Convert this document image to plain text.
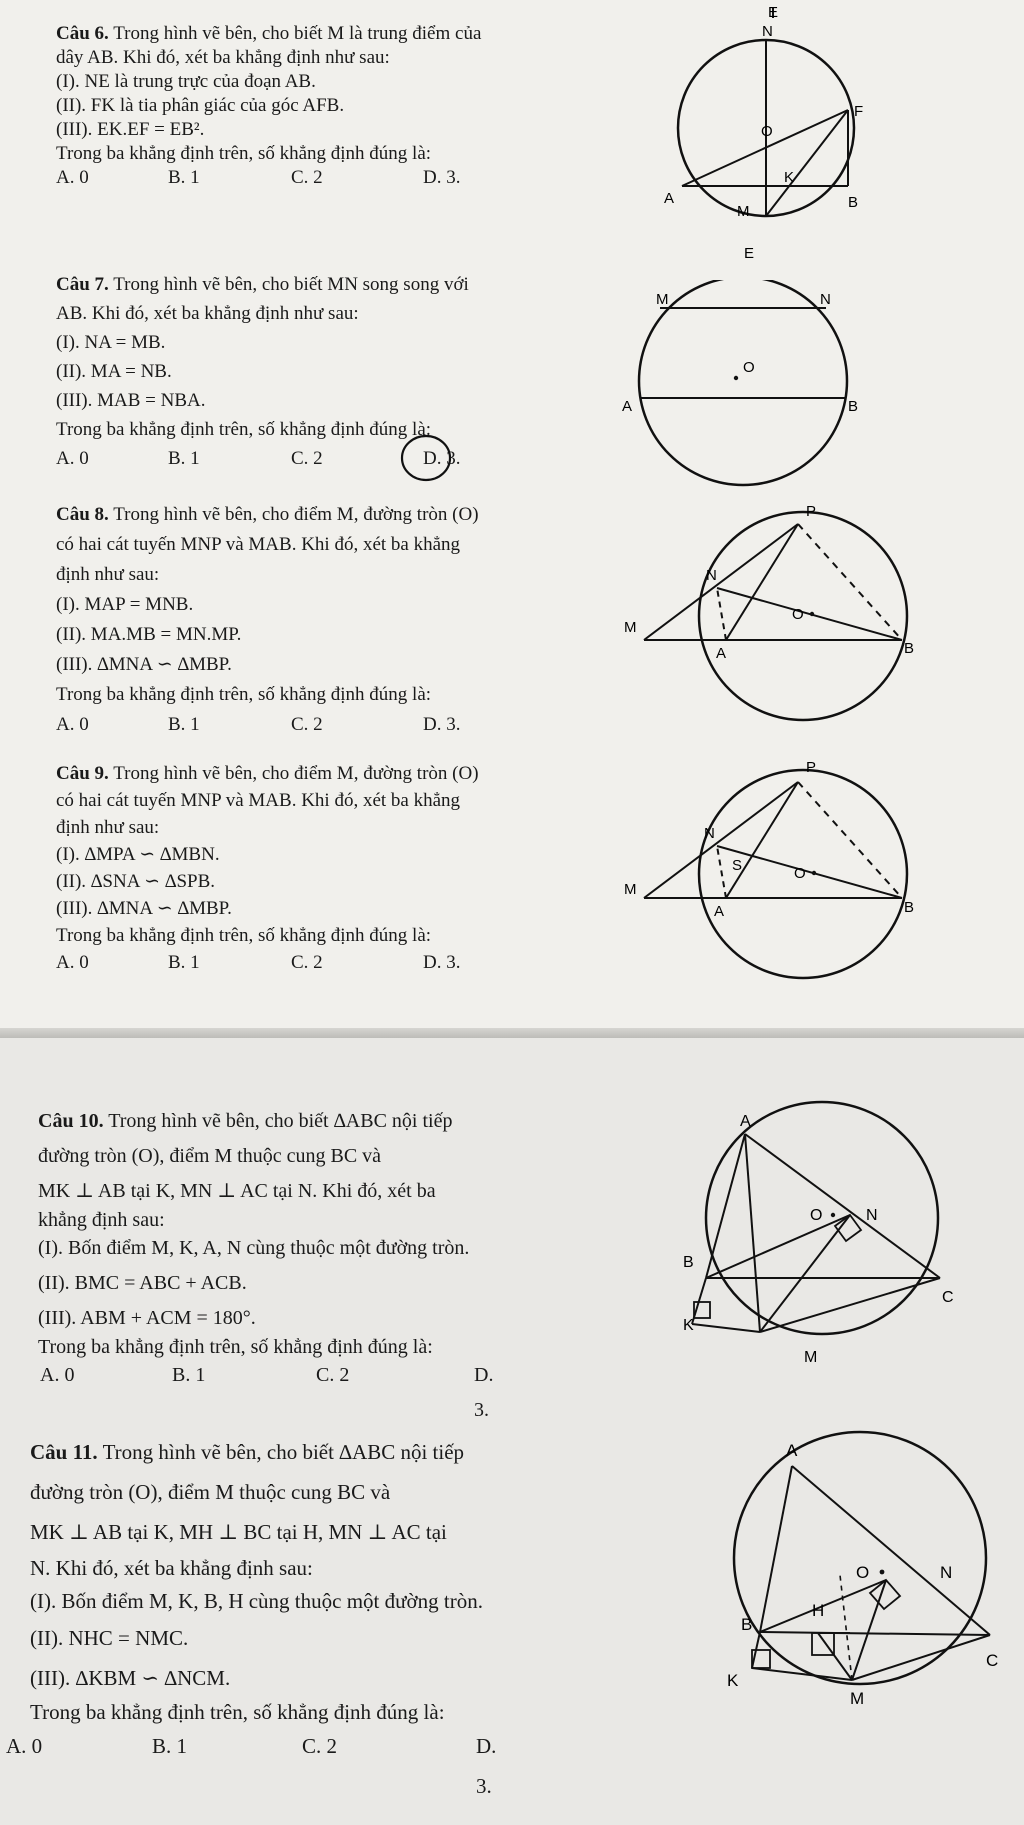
Câu 6. Trong hình vẽ bên, cho biết M là trung điểm của
dây AB. Khi đó, xét ba khẳng định như sau:
(I). NE là trung trực của đoạn AB.
(II). FK là tia phân giác của góc AFB.
(III). EK.EF = EB².
Trong ba khẳng định trên, số khẳng định đúng là:
A. 0	B. 1	C. 2	D. 3.
E
N
F
O
K
A
M
B
E
Câu 7. Trong hình vẽ bên, cho biết MN song song với
AB. Khi đó, xét ba khẳng định như sau:
(I). NA = MB.
(II). MA = NB.
(III). MAB = NBA.
Trong ba khẳng định trên, số khẳng định đúng là:
A. 0	B. 1	C. 2	D. 3.
M	N
O
A	B
Câu 8. Trong hình vẽ bên, cho điểm M, đường tròn (O)
có hai cát tuyến MNP và MAB. Khi đó, xét ba khẳng
định như sau:
(I). MAP = MNB.
(II). MA.MB = MN.MP.
(III). ∆MNA ∽ ∆MBP.
Trong ba khẳng định trên, số khẳng định đúng là:
A. 0	B. 1	C. 2	D. 3.
P
N
O
M
A	B
Câu 9. Trong hình vẽ bên, cho điểm M, đường tròn (O)
có hai cát tuyến MNP và MAB. Khi đó, xét ba khẳng
định như sau:
(I). ∆MPA ∽ ∆MBN.
(II). ∆SNA ∽ ∆SPB.
(III). ∆MNA ∽ ∆MBP.
Trong ba khẳng định trên, số khẳng định đúng là:
A. 0	B. 1	C. 2	D. 3.
P
N
S	O
M
A	B
Câu 10. Trong hình vẽ bên, cho biết ∆ABC nội tiếp
đường tròn (O), điểm M thuộc cung BC và
MK ⊥ AB tại K, MN ⊥ AC tại N. Khi đó, xét ba
khẳng định sau:
(I). Bốn điểm M, K, A, N cùng thuộc một đường tròn.
(II). BMC = ABC + ACB.
(III). ABM + ACM = 180°.
Trong ba khẳng định trên, số khẳng định đúng là:
A. 0	B. 1	C. 2	D. 3.
A
O	N
B
C
K
M
Câu 11. Trong hình vẽ bên, cho biết ∆ABC nội tiếp
đường tròn (O), điểm M thuộc cung BC và
MK ⊥ AB tại K, MH ⊥ BC tại H, MN ⊥ AC tại
N. Khi đó, xét ba khẳng định sau:
(I). Bốn điểm M, K, B, H cùng thuộc một đường tròn.
(II). NHC = NMC.
(III). ∆KBM ∽ ∆NCM.
Trong ba khẳng định trên, số khẳng định đúng là:
A. 0	B. 1	C. 2	D. 3.
A
O	N
H
B
C
K
M
